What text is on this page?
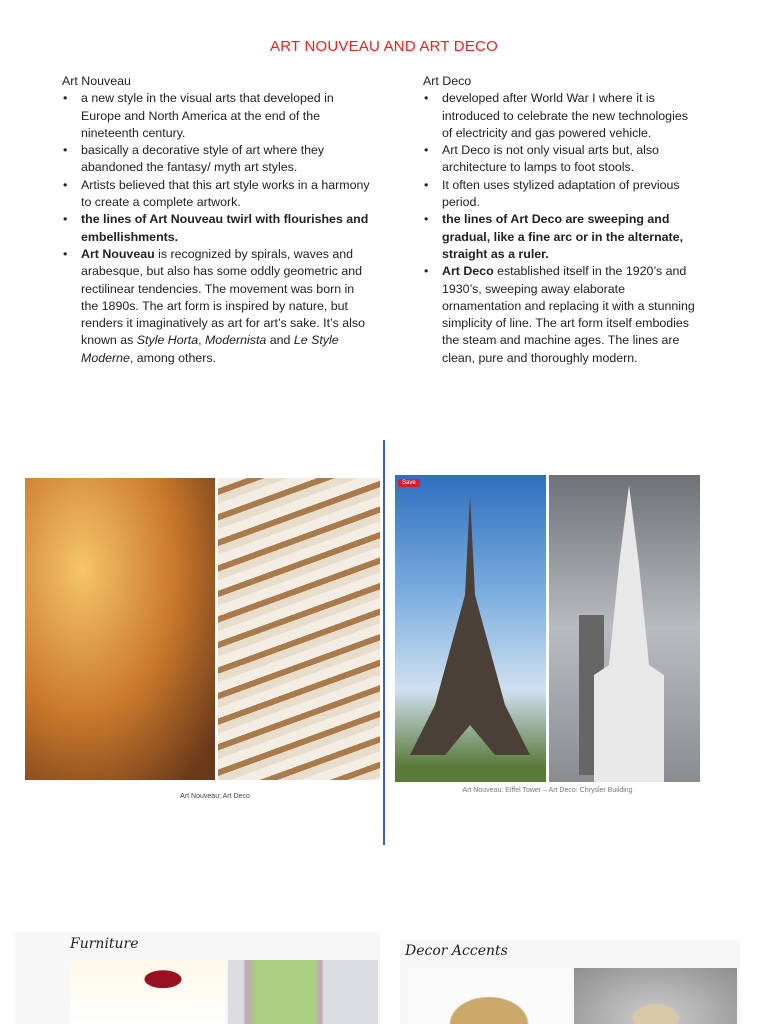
ART NOUVEAU AND ART DECO
Art Nouveau
• a new style in the visual arts that developed in Europe and North America at the end of the nineteenth century.
• basically a decorative style of art where they abandoned the fantasy/ myth art styles.
• Artists believed that this art style works in a harmony to create a complete artwork.
• the lines of Art Nouveau twirl with flourishes and embellishments.
• Art Nouveau is recognized by spirals, waves and arabesque, but also has some oddly geometric and rectilinear tendencies. The movement was born in the 1890s. The art form is inspired by nature, but renders it imaginatively as art for art’s sake. It’s also known as Style Horta, Modernista and Le Style Moderne, among others.
Art Deco
• developed after World War I where it is introduced to celebrate the new technologies of electricity and gas powered vehicle.
• Art Deco is not only visual arts but, also architecture to lamps to foot stools.
• It often uses stylized adaptation of previous period.
• the lines of Art Deco are sweeping and gradual, like a fine arc or in the alternate, straight as a ruler.
• Art Deco established itself in the 1920’s and 1930’s, sweeping away elaborate ornamentation and replacing it with a stunning simplicity of line. The art form itself embodies the steam and machine ages. The lines are clean, pure and thoroughly modern.
Art Nouveau; Art Deco
Save
Art Nouveau: Eiffel Tower – Art Deco: Chrysler Building
Furniture	Decor Accents
